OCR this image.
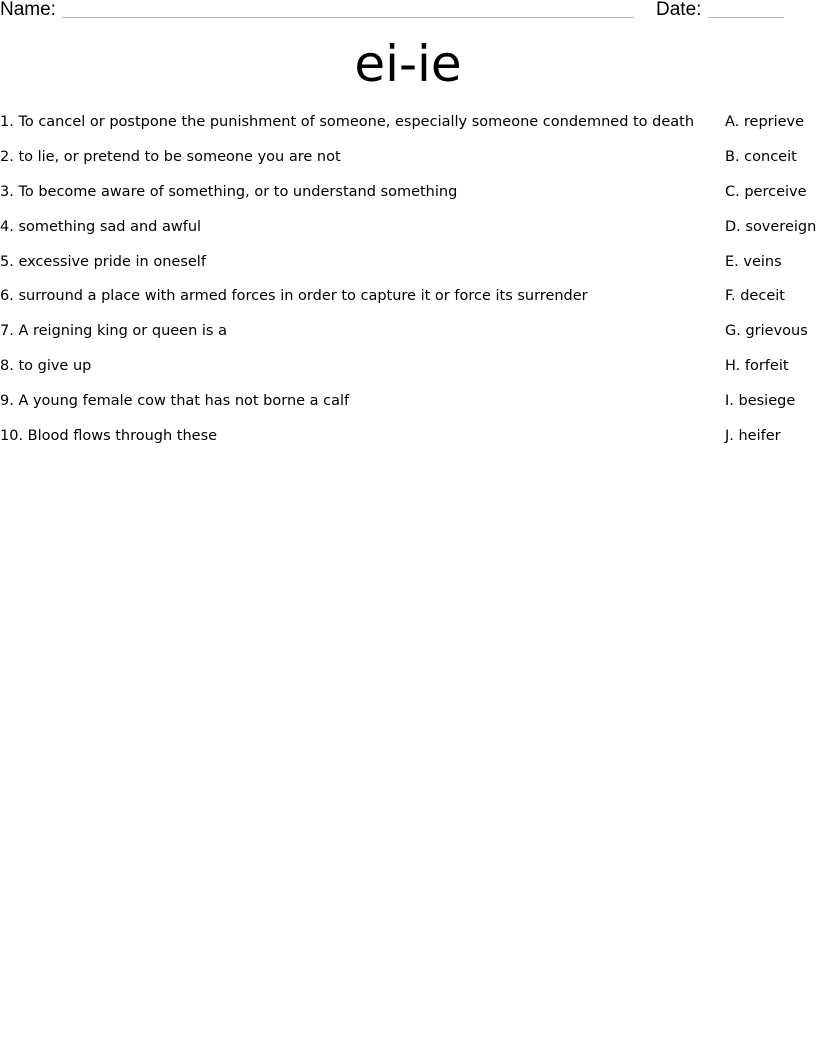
Name:	Date:
ei-ie
1. To cancel or postpone the punishment of someone, especially someone condemned to death
2. to lie, or pretend to be someone you are not
3. To become aware of something, or to understand something
4. something sad and awful
5. excessive pride in oneself
6. surround a place with armed forces in order to capture it or force its surrender
7. A reigning king or queen is a
8. to give up
9. A young female cow that has not borne a calf
10. Blood flows through these
A. reprieve
B. conceit
C. perceive
D. sovereign
E. veins
F. deceit
G. grievous
H. forfeit
I. besiege
J. heifer
